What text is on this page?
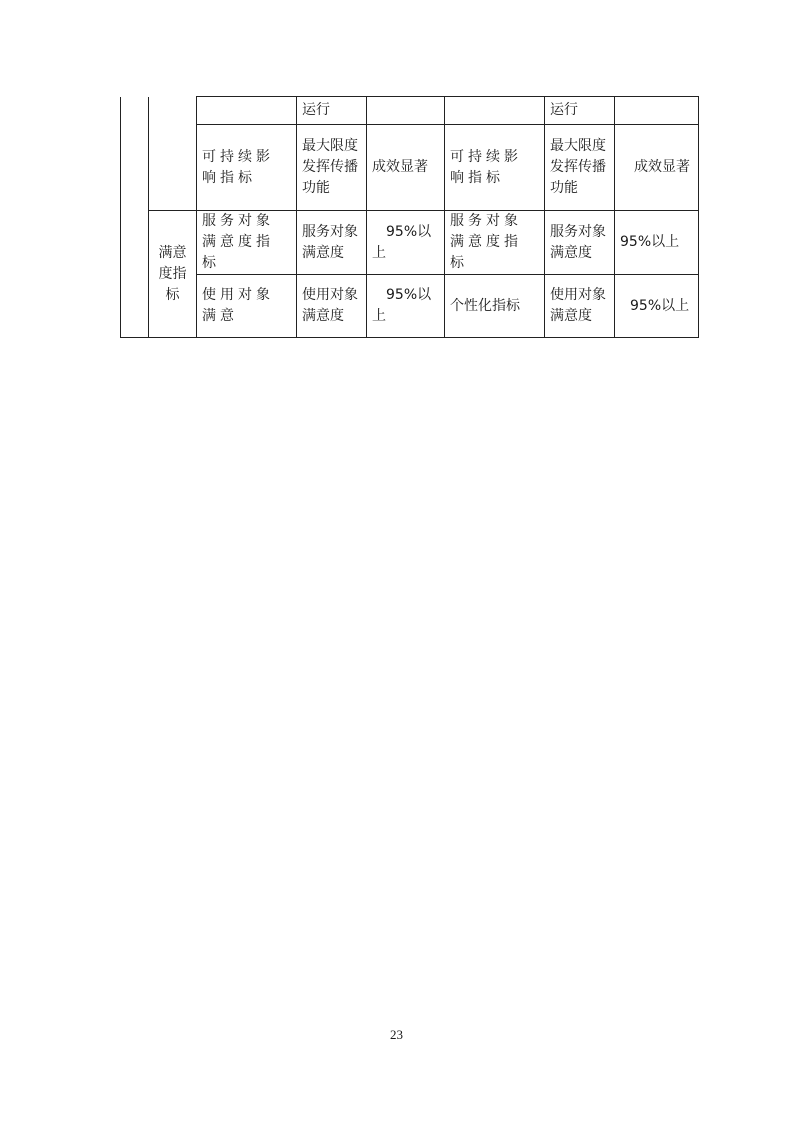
			运行			运行	
		可持续影响指标	最大限度发挥传播功能	成效显著	可持续影响指标	最大限度发挥传播功能	成效显著
	满意度指标	服务对象满意度指标	服务对象满意度	95%以上	服务对象满意度指标	服务对象满意度	95%以上
		使用对象满意	使用对象满意度	95%以上	个性化指标	使用对象满意度	95%以上
23
